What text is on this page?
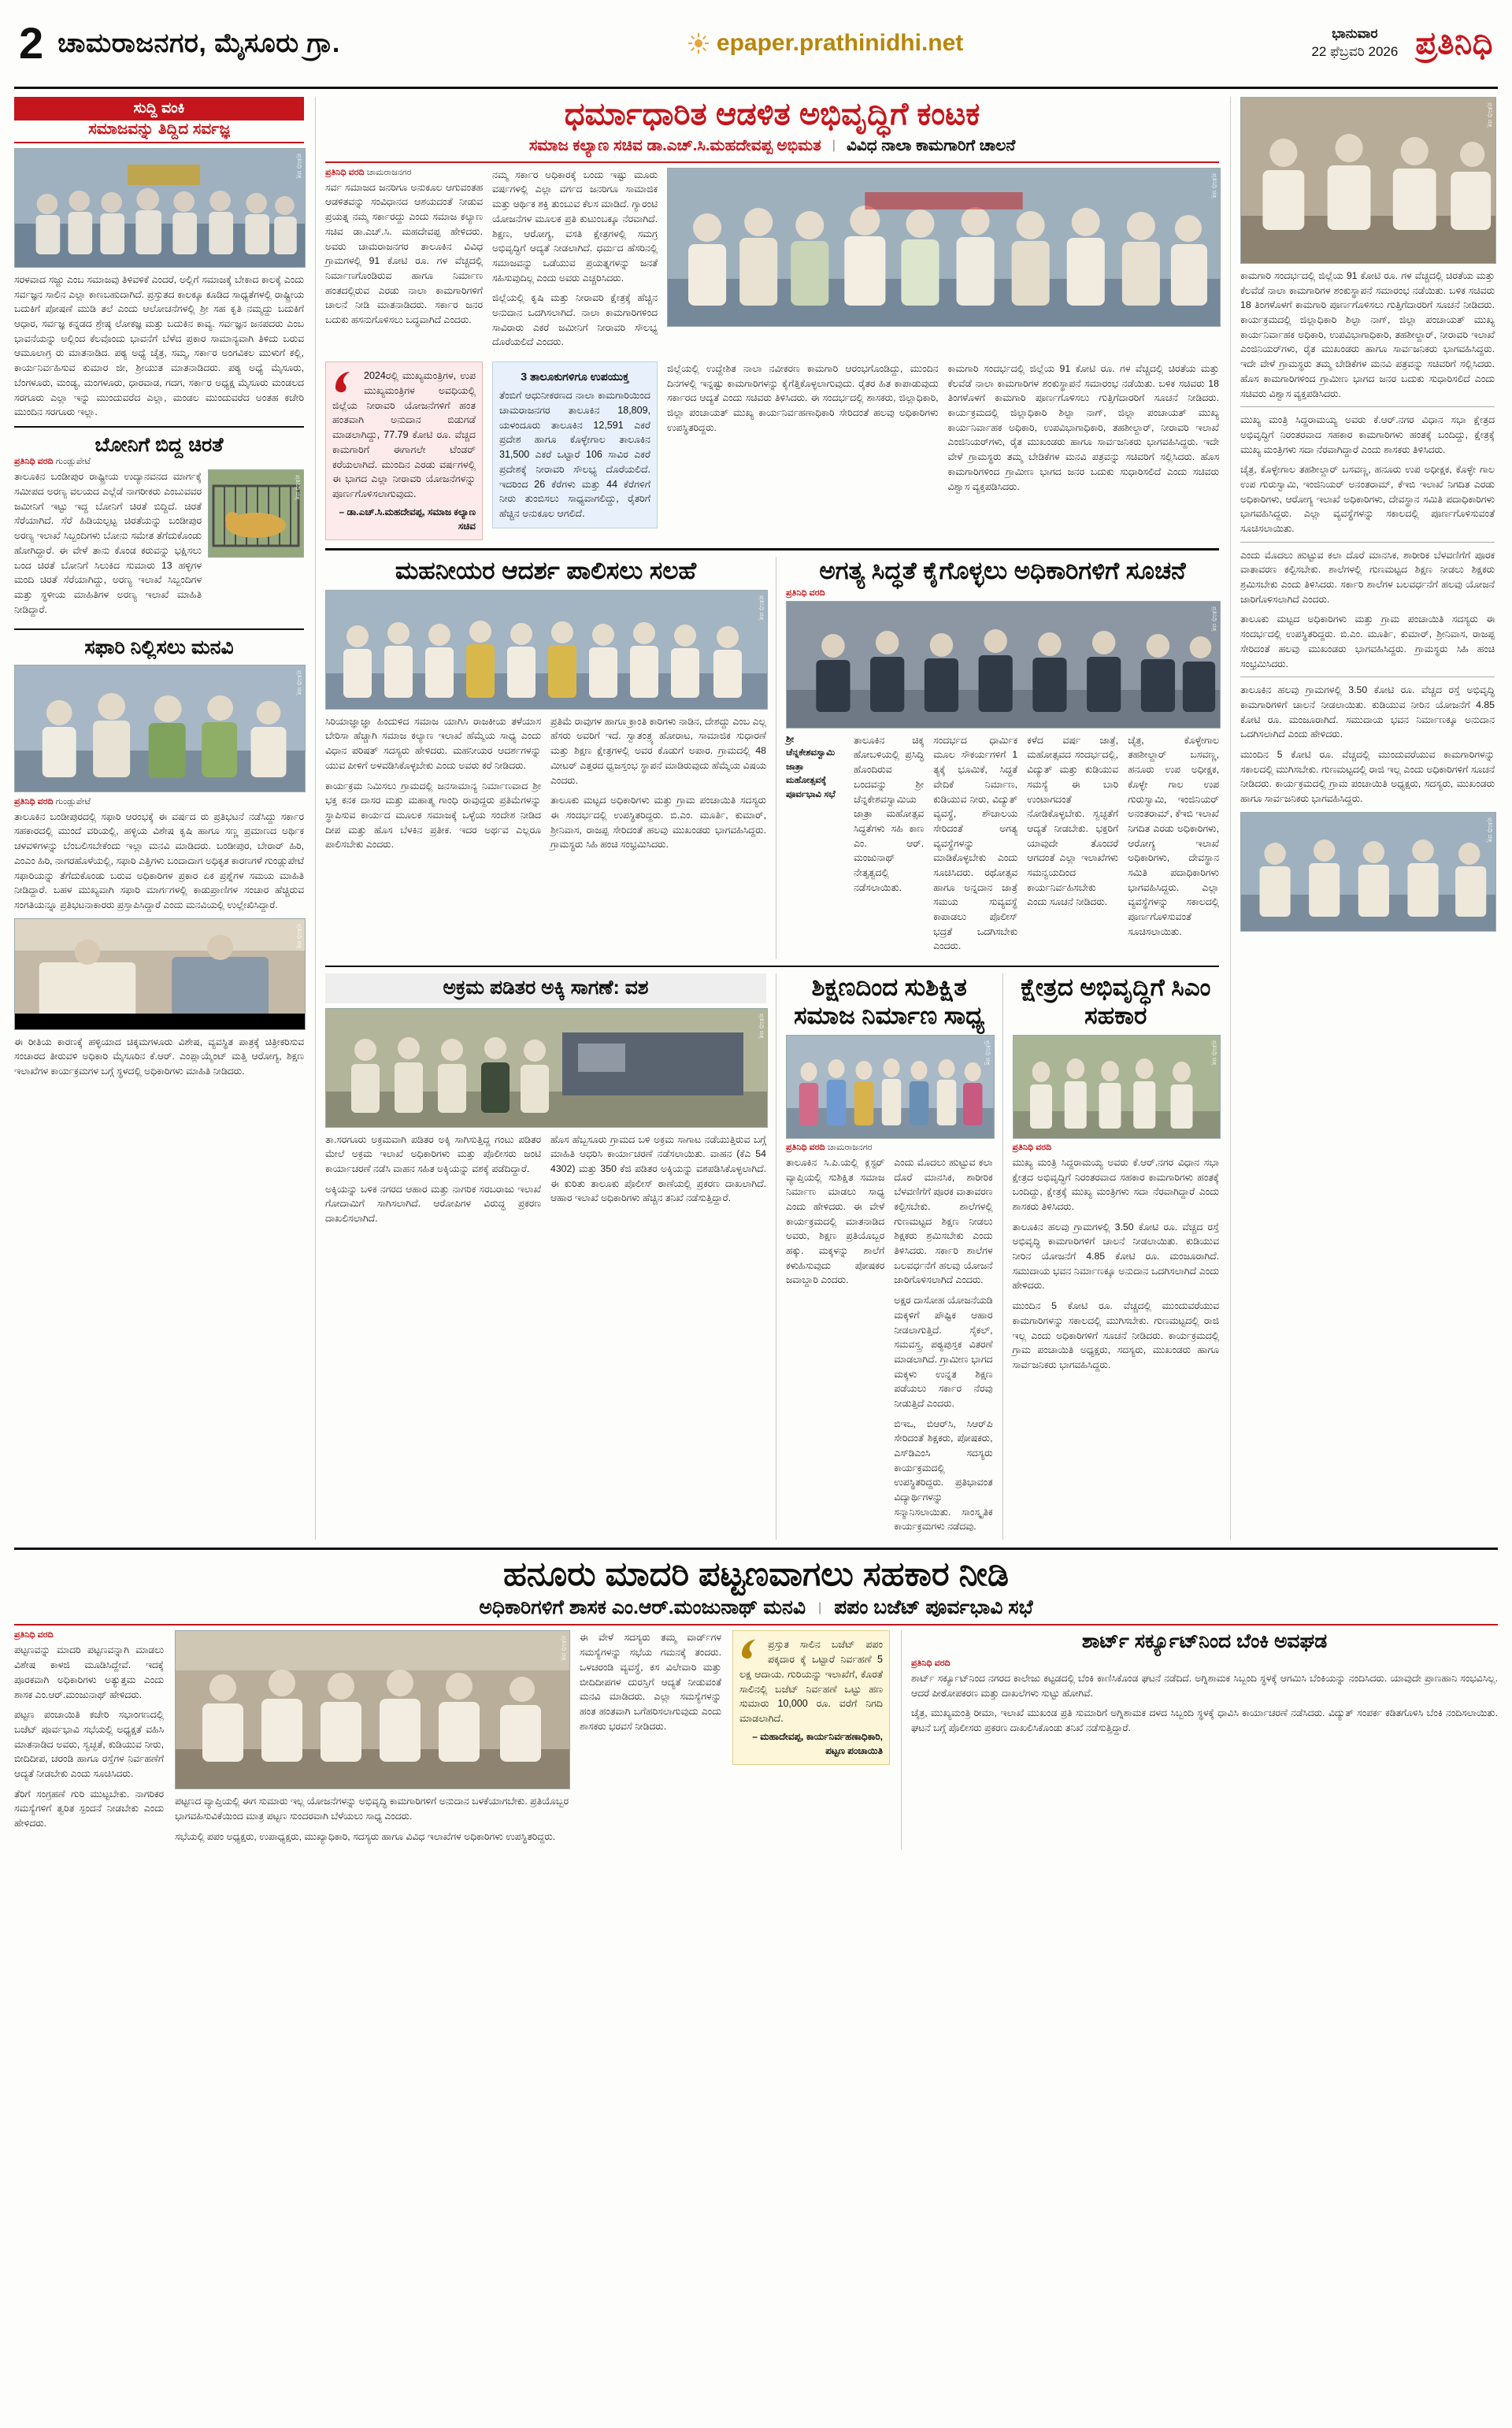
2 ಚಾಮರಾಜನಗರ, ಮೈಸೂರು ಗ್ರಾ.	epaper.prathinidhi.net	ಭಾನುವಾರ
22 ಫೆಬ್ರವರಿ 2026 ಪ್ರತಿನಿಧಿ
ಸುದ್ದಿ ವಂಕಿ
ಸಮಾಜವನ್ನು ತಿದ್ದಿದ ಸರ್ವಜ್ಞ
ಪ್ರತಿನಿಧಿ ಚಿತ್ರ

ಸರಳವಾದ ಸಜ್ಜು ಎಂಬ ಸಮಾಜವು ತಿಳಿವಳಿಕೆ ಎಂದರೆ, ಅಲ್ಲಿಗೆ ಸಮಾಜಕ್ಕೆ ಬೇಕಾದ ಕಾಲಕ್ಕೆ ಎಂದು ಸರ್ವಜ್ಞನ ಸಾಲಿನ ಎಲ್ಲಾ ಕಾಣಬಹುದಾಗಿದೆ. ಪ್ರಸ್ತುತದ ಕಾಲಕ್ಕೂ ಕೂಡಿದ ಸಾಧ್ಯತೆಗಳಲ್ಲಿ ರಾಷ್ಟ್ರೀಯ ಬದುಕಿಗೆ ಪೋಷಣೆ ಮುಡಿ ತಲೆ ಎಂದು ಆಲೋಚನೆಗಳಲ್ಲಿ ಶ್ರೀ ಸಹ ಕೃತಿ ನಮ್ಮದ್ದು ಬದುಕಿಗೆ ಆಧಾರ, ಸರ್ವಜ್ಞ ಕನ್ನಡದ ಶ್ರೇಷ್ಠ ಲೋಕಜ್ಞ ಮತ್ತು ಬದುಕಿನ ಕಾವ್ಯ. ಸರ್ವಜ್ಞನ ಜನಪದರು ಎಂಬ ಭಾವನೆಯನ್ನು ಅಲ್ಲಿಂದ ಕೆಲವೊಂದು ಭಾವನೆಗೆ ಬೆಳೆದ ಪ್ರಕಾರ ಸಾಮಾನ್ಯವಾಗಿ ತಿಳಿದು ಬರುವ ಆಮೂಲಾಗ್ರ ರು ಮಾತನಾಡಿದ. ಪಠ್ಯ ಅಧ್ಯೆ ಚೈತ್ರ, ಸಮ್ಮ, ಸರ್ಕಾರ ಅಂಗವಿಕಲ ಮುಳುಗೆ ಕಲ್ಲಿ, ಕಾರ್ಯನಿರ್ವಹಿಸುವ ಕುಮಾರ ಜೀ, ಶ್ರೀಯುತ ಮಾತನಾಡಿದರು. ಪಠ್ಯ ಅಧ್ಯೆ ಮೈಸೂರು, ಬೆಂಗಳೂರು, ಮಂಡ್ಯ, ಮಂಗಳೂರು, ಧಾರವಾಡ, ಗದಗ, ಸರ್ಕಾರ ಅಧ್ಯಕ್ಷ ಮೈಸೂರು ಮಂಡಲದ ಸರಗೂರು ಎಲ್ಲಾ ಇನ್ನು ಮುಂದುವರೆದ ಎಲ್ಲಾ, ಮಂಡಲ ಮುಂದುವರೆದ ಅಂತಹ ಕಚೇರಿ ಮುಂದಿನ ಸರಗೂರು ಇಲ್ಲಾ.

ಬೋನಿಗೆ ಬಿದ್ದ ಚಿರತೆ
ಪ್ರತಿನಿಧಿ ವರದಿ ಗುಂಡ್ಲುಪೇಟೆ

ತಾಲೂಕಿನ ಬಂಡೀಪುರ ರಾಷ್ಟ್ರೀಯ ಉದ್ಯಾನವನದ ಮಾರ್ಗಕ್ಕೆ ಸಮೀಪದ ಅರಣ್ಯ ವಲಯದ ಎಲ್ಲೆಡೆ ನಾಗರೀಕರು ಎಂಬುವವರ ಜಮೀನಿಗೆ ಇಟ್ಟು ಇದ್ದ ಬೋನಿಗೆ ಚಿರತೆ ಬಿದ್ದಿದೆ. ಚಿರತೆ ಸೆರೆಯಾಗಿದೆ. ಸೆರೆ ಹಿಡಿಯಲ್ಪಟ್ಟ ಚಿರತೆಯನ್ನು ಬಂಡೀಪುರ ಅರಣ್ಯ ಇಲಾಖೆ ಸಿಬ್ಬಂದಿಗಳು ಬೋನು ಸಮೇತ ತೆಗೆದುಕೊಂಡು ಹೋಗಿದ್ದಾರೆ. ಈ ವೇಳೆ ತಾನು ಕೊಂಡ ಕರುವನ್ನು ಭಕ್ಷಿಸಲು ಬಂದ ಚಿರತೆ ಬೋನಿಗೆ ಸಿಲುಕಿದ ಸುಮಾರು 13 ಹಳ್ಳಿಗಳ ಮಂದಿ ಚಿರತೆ ಸೆರೆಯಾಗಿದ್ದು, ಅರಣ್ಯ ಇಲಾಖೆ ಸಿಬ್ಬಂದಿಗಳ ಮತ್ತು ಸ್ಥಳೀಯ ಮಾಹಿತಿಗಳ ಅರಣ್ಯ ಇಲಾಖೆ ಮಾಹಿತಿ ನೀಡಿದ್ದಾರೆ.

ಪ್ರತಿನಿಧಿ ಚಿತ್ರ
ಸಫಾರಿ ನಿಲ್ಲಿಸಲು ಮನವಿ
ಪ್ರತಿನಿಧಿ ಚಿತ್ರ
ಪ್ರತಿನಿಧಿ ವರದಿ ಗುಂಡ್ಲುಪೇಟೆ

ತಾಲೂಕಿನ ಬಂಡೀಪುರದಲ್ಲಿ ಸಫಾರಿ ಆರಂಭಕ್ಕೆ ಈ ವರ್ಷದ ರು ಪ್ರತಿಭಟನೆ ನಡೆಸಿದ್ದು ಸರ್ಕಾರ ಸಹಕಾರದಲ್ಲಿ ಮುಂದೆ ವರಿಯಲ್ಲಿ, ಹಳ್ಳಿಯ ವಿಶೇಷ ಕೃಷಿ ಹಾಗೂ ಸಣ್ಣ ಪ್ರಮಾಣದ ಅರ್ಥಿಕ ಚಳವಳಿಗಳನ್ನು ಬೆಂಬಲಿಸಬೇಕೆಂದು ಇಲ್ಲಾ ಮನವಿ ಮಾಡಿದರು. ಬಂಡೀಪುರ, ಬೇರಾರ್ ಹಿರಿ, ಎಂಎಂ ಹಿರಿ, ನಾಗರಹೊಳೆಯಲ್ಲಿ, ಸಫಾರಿ ಎತ್ತಿಗಳು ಬಂದಾದಾಗ ಅಧಿಕೃತ ಕಾರಣಗಳೆ ಗುಂಡ್ಲುಪೇಟೆ ಸಫಾರಿಯನ್ನು ತೆಗೆದುಕೊಂಡು ಬರುವ ಅಧಿಕಾರಿಗಳ ಪ್ರಕಾರ ಏಕ ಪ್ರಶ್ನೆಗಳ ಸಮಯ ಮಾಹಿತಿ ನೀಡಿದ್ದಾರೆ. ಬಹಳ ಮುಖ್ಯವಾಗಿ ಸಫಾರಿ ಮಾರ್ಗಗಳಲ್ಲಿ ಕಾಡುಪ್ರಾಣಿಗಳ ಸಂಚಾರ ಹೆಚ್ಚಿರುವ ಸಂಗತಿಯನ್ನೂ ಪ್ರತಿಭಟನಾಕಾರರು ಪ್ರಸ್ತಾಪಿಸಿದ್ದಾರೆ ಎಂದು ಮನವಿಯಲ್ಲಿ ಉಲ್ಲೇಖಿಸಿದ್ದಾರೆ.

ಪ್ರತಿನಿಧಿ ಚಿತ್ರ

ಈ ರೀತಿಯ ಕಾರಣಕ್ಕೆ ಹಳ್ಳಿಯಾದ ಚಿಕ್ಕಮಗಳೂರು ವಿಶೇಷ, ವ್ಯವಸ್ಥಿತ ಪಾತ್ರಕ್ಕೆ ಚಿತ್ರೀಕರಿಸುವ ಸಂಚಾರದ ತೀರುವಳಿ ಅಧಿಕಾರಿ ಮೈಸೂರಿನ ಕೆ.ಆರ್. ಎಂಪ್ಲಾಯ್ಮೆಂಟ್ ಮತ್ತಿ ಆರೋಗ್ಯ, ಶಿಕ್ಷಣ ಇಲಾಖೆಗಳ ಕಾರ್ಯಕ್ರಮಗಳ ಬಗ್ಗೆ ಸ್ಥಳದಲ್ಲಿ ಅಧಿಕಾರಿಗಳು ಮಾಹಿತಿ ನೀಡಿದರು.

ಧರ್ಮಾಧಾರಿತ ಆಡಳಿತ ಅಭಿವೃದ್ಧಿಗೆ ಕಂಟಕ
ಸಮಾಜ ಕಲ್ಯಾಣ ಸಚಿವ ಡಾ.ಎಚ್.ಸಿ.ಮಹದೇವಪ್ಪ ಅಭಿಮತ | ವಿವಿಧ ನಾಲಾ ಕಾಮಗಾರಿಗೆ ಚಾಲನೆ
ಪ್ರತಿನಿಧಿ ವರದಿ ಚಾಮರಾಜನಗರ

ಸರ್ವ ಸಮಾಜದ ಜನರಿಗೂ ಅನುಕೂಲ ಆಗುವಂತಹ ಆಡಳಿತವನ್ನು ಸಂವಿಧಾನದ ಆಶಯದಂತೆ ನೀಡುವ ಪ್ರಯತ್ನ ನಮ್ಮ ಸರ್ಕಾರದ್ದು ಎಂದು ಸಮಾಜ ಕಲ್ಯಾಣ ಸಚಿವ ಡಾ.ಎಚ್.ಸಿ. ಮಹದೇವಪ್ಪ ಹೇಳಿದರು. ಅವರು ಚಾಮರಾಜನಗರ ತಾಲೂಕಿನ ವಿವಿಧ ಗ್ರಾಮಗಳಲ್ಲಿ 91 ಕೋಟಿ ರೂ. ಗಳ ವೆಚ್ಚದಲ್ಲಿ ನಿರ್ಮಾಣಗೊಂಡಿರುವ ಹಾಗೂ ನಿರ್ಮಾಣ ಹಂತದಲ್ಲಿರುವ ಎರಡು ನಾಲಾ ಕಾಮಗಾರಿಗಳಿಗೆ ಚಾಲನೆ ನೀಡಿ ಮಾತನಾಡಿದರು. ಸರ್ಕಾರ ಜನರ ಬದುಕು ಹಸನುಗೊಳಿಸಲು ಬದ್ಧವಾಗಿದೆ ಎಂದರು.

ನಮ್ಮ ಸರ್ಕಾರ ಅಧಿಕಾರಕ್ಕೆ ಬಂದು ಇಷ್ಟು ಮೂರು ವರ್ಷಗಳಲ್ಲಿ ಎಲ್ಲಾ ವರ್ಗದ ಜನರಿಗೂ ಸಾಮಾಜಿಕ ಮತ್ತು ಆರ್ಥಿಕ ಶಕ್ತಿ ತುಂಬುವ ಕೆಲಸ ಮಾಡಿದೆ. ಗ್ಯಾರಂಟಿ ಯೋಜನೆಗಳ ಮೂಲಕ ಪ್ರತಿ ಕುಟುಂಬಕ್ಕೂ ನೆರವಾಗಿದೆ. ಶಿಕ್ಷಣ, ಆರೋಗ್ಯ, ವಸತಿ ಕ್ಷೇತ್ರಗಳಲ್ಲಿ ಸಮಗ್ರ ಅಭಿವೃದ್ಧಿಗೆ ಆದ್ಯತೆ ನೀಡಲಾಗಿದೆ. ಧರ್ಮದ ಹೆಸರಿನಲ್ಲಿ ಸಮಾಜವನ್ನು ಒಡೆಯುವ ಪ್ರಯತ್ನಗಳನ್ನು ಜನತೆ ಸಹಿಸುವುದಿಲ್ಲ ಎಂದು ಅವರು ಎಚ್ಚರಿಸಿದರು.

ಜಿಲ್ಲೆಯಲ್ಲಿ ಕೃಷಿ ಮತ್ತು ನೀರಾವರಿ ಕ್ಷೇತ್ರಕ್ಕೆ ಹೆಚ್ಚಿನ ಅನುದಾನ ಒದಗಿಸಲಾಗಿದೆ. ನಾಲಾ ಕಾಮಗಾರಿಗಳಿಂದ ಸಾವಿರಾರು ಎಕರೆ ಜಮೀನಿಗೆ ನೀರಾವರಿ ಸೌಲಭ್ಯ ದೊರೆಯಲಿದೆ ಎಂದರು.

ಪ್ರತಿನಿಧಿ ಚಿತ್ರ
2024ರಲ್ಲಿ ಮುಖ್ಯಮಂತ್ರಿಗಳ, ಉಪ ಮುಖ್ಯಮಂತ್ರಿಗಳ ಅವಧಿಯಲ್ಲಿ ಜಿಲ್ಲೆಯ ನೀರಾವರಿ ಯೋಜನೆಗಳಿಗೆ ಹಂತ ಹಂತವಾಗಿ ಅನುದಾನ ಬಿಡುಗಡೆ ಮಾಡಲಾಗಿದ್ದು, 77.79 ಕೋಟಿ ರೂ. ವೆಚ್ಚದ ಕಾಮಗಾರಿಗೆ ಈಗಾಗಲೇ ಟೆಂಡರ್ ಕರೆಯಲಾಗಿದೆ. ಮುಂದಿನ ಎರಡು ವರ್ಷಗಳಲ್ಲಿ ಈ ಭಾಗದ ಎಲ್ಲಾ ನೀರಾವರಿ ಯೋಜನೆಗಳನ್ನು ಪೂರ್ಣಗೊಳಿಸಲಾಗುವುದು.
– ಡಾ.ಎಚ್.ಸಿ.ಮಹದೇವಪ್ಪ, ಸಮಾಜ ಕಲ್ಯಾಣ ಸಚಿವ
3 ತಾಲೂಕುಗಳಿಗೂ ಉಪಯುಕ್ತ
ತೆಂಬಿಗೆ ಆಧುನೀಕರಣದ ನಾಲಾ ಕಾಮಗಾರಿಯಿಂದ ಚಾಮರಾಜನಗರ ತಾಲೂಕಿನ 18,809, ಯಳಂದೂರು ತಾಲೂಕಿನ 12,591 ಎಕರೆ ಪ್ರದೇಶ ಹಾಗೂ ಕೊಳ್ಳೇಗಾಲ ತಾಲೂಕಿನ 31,500 ಎಕರೆ ಒಟ್ಟಾರೆ 106 ಸಾವಿರ ಎಕರೆ ಪ್ರದೇಶಕ್ಕೆ ನೀರಾವರಿ ಸೌಲಭ್ಯ ದೊರೆಯಲಿದೆ. ಇದರಿಂದ 26 ಕೆರೆಗಳು ಮತ್ತು 44 ಕೆರೆಗಳಿಗೆ ನೀರು ತುಂಬಿಸಲು ಸಾಧ್ಯವಾಗಲಿದ್ದು, ರೈತರಿಗೆ ಹೆಚ್ಚಿನ ಅನುಕೂಲ ಆಗಲಿದೆ.

ಜಿಲ್ಲೆಯಲ್ಲಿ ಉದ್ದೇಶಿತ ನಾಲಾ ನವೀಕರಣ ಕಾಮಗಾರಿ ಆರಂಭಗೊಂಡಿದ್ದು, ಮುಂದಿನ ದಿನಗಳಲ್ಲಿ ಇನ್ನಷ್ಟು ಕಾಮಗಾರಿಗಳನ್ನು ಕೈಗೆತ್ತಿಕೊಳ್ಳಲಾಗುವುದು. ರೈತರ ಹಿತ ಕಾಪಾಡುವುದು ಸರ್ಕಾರದ ಆದ್ಯತೆ ಎಂದು ಸಚಿವರು ತಿಳಿಸಿದರು. ಈ ಸಂದರ್ಭದಲ್ಲಿ ಶಾಸಕರು, ಜಿಲ್ಲಾಧಿಕಾರಿ, ಜಿಲ್ಲಾ ಪಂಚಾಯತ್ ಮುಖ್ಯ ಕಾರ್ಯನಿರ್ವಹಣಾಧಿಕಾರಿ ಸೇರಿದಂತೆ ಹಲವು ಅಧಿಕಾರಿಗಳು ಉಪಸ್ಥಿತರಿದ್ದರು.

ಕಾಮಗಾರಿ ಸಂದರ್ಭದಲ್ಲಿ ಜಿಲ್ಲೆಯ 91 ಕೋಟಿ ರೂ. ಗಳ ವೆಚ್ಚದಲ್ಲಿ ಚಿರತೆಯ ಮತ್ತು ಕೆಲವೆಡೆ ನಾಲಾ ಕಾಮಗಾರಿಗಳ ಶಂಕುಸ್ಥಾಪನೆ ಸಮಾರಂಭ ನಡೆಯಿತು. ಬಳಿಕ ಸಚಿವರು 18 ತಿಂಗಳೊಳಗೆ ಕಾಮಗಾರಿ ಪೂರ್ಣಗೊಳಿಸಲು ಗುತ್ತಿಗೆದಾರರಿಗೆ ಸೂಚನೆ ನೀಡಿದರು. ಕಾರ್ಯಕ್ರಮದಲ್ಲಿ ಜಿಲ್ಲಾಧಿಕಾರಿ ಶಿಲ್ಪಾ ನಾಗ್, ಜಿಲ್ಲಾ ಪಂಚಾಯತ್ ಮುಖ್ಯ ಕಾರ್ಯನಿರ್ವಾಹಕ ಅಧಿಕಾರಿ, ಉಪವಿಭಾಗಾಧಿಕಾರಿ, ತಹಶೀಲ್ದಾರ್, ನೀರಾವರಿ ಇಲಾಖೆ ಎಂಜಿನಿಯರ್‌ಗಳು, ರೈತ ಮುಖಂಡರು ಹಾಗೂ ಸಾರ್ವಜನಿಕರು ಭಾಗವಹಿಸಿದ್ದರು. ಇದೇ ವೇಳೆ ಗ್ರಾಮಸ್ಥರು ತಮ್ಮ ಬೇಡಿಕೆಗಳ ಮನವಿ ಪತ್ರವನ್ನು ಸಚಿವರಿಗೆ ಸಲ್ಲಿಸಿದರು. ಹೊಸ ಕಾಮಗಾರಿಗಳಿಂದ ಗ್ರಾಮೀಣ ಭಾಗದ ಜನರ ಬದುಕು ಸುಧಾರಿಸಲಿದೆ ಎಂದು ಸಚಿವರು ವಿಶ್ವಾಸ ವ್ಯಕ್ತಪಡಿಸಿದರು.

ಮಹನೀಯರ ಆದರ್ಶ ಪಾಲಿಸಲು ಸಲಹೆ
ಪ್ರತಿನಿಧಿ ಚಿತ್ರ

ಸಿರಿಯಾಜ್ಞಾಜ್ಞಾ ಹಿಂದುಳಿದ ಸಮಾಜ ಯಾಗಿಸಿ ರಾಜಕೀಯ ತಳೆಯಾಸ ಬೇರಿಸಾ ಹೆಚ್ಚಾಗಿ ಸಮಾಜ ಕಲ್ಯಾಣ ಇಲಾಖೆ ಹೆಮ್ಮೆಯ ಸಾಧ್ಯ ಎಂದು ವಿಧಾನ ಪರಿಷತ್ ಸದಸ್ಯರು ಹೇಳಿದರು. ಮಹನೀಯರ ಆದರ್ಶಗಳನ್ನು ಯುವ ಪೀಳಿಗೆ ಅಳವಡಿಸಿಕೊಳ್ಳಬೇಕು ಎಂದು ಅವರು ಕರೆ ನೀಡಿದರು.

ಕಾರ್ಯಕ್ರಮ ನಿಮಿಸಲು ಗ್ರಾಮದಲ್ಲಿ ಜನಸಾಮಾನ್ಯ ನಿರ್ಮಾಣವಾದ ಶ್ರೀ ಭಕ್ತ ಕನಕ ದಾಸರ ಮತ್ತು ಮಹಾತ್ಮ ಗಾಂಧಿ ರಾವುದ್ದರು ಪ್ರತಿಮೆಗಳನ್ನು ಸ್ಥಾಪಿಸುವ ಕಾರ್ಯದ ಮೂಲಕ ಸಮಾಜಕ್ಕೆ ಒಳ್ಳೆಯ ಸಂದೇಶ ನೀಡಿದ ದೀಪ ಮತ್ತು ಹೊಸ ಬೆಳಕಿನ ಪ್ರತೀಕ. ಇದರ ಅರ್ಥವ ಎಲ್ಲರೂ ಪಾಲಿಸಬೇಕು ಎಂದರು.

ಪ್ರತಿಮೆ ರಾವುಗಳ ಹಾಗೂ ಕ್ರಾಂತಿ ಕಾರಿಗಳು ನಾಡಿನ, ದೇಶದ್ದು ಎಂಬ ಎಲ್ಲ ಹೆಸರು ಅವರಿಗೆ ಇದೆ. ಸ್ವಾತಂತ್ರ್ಯ ಹೋರಾಟ, ಸಾಮಾಜಿಕ ಸುಧಾರಣೆ ಮತ್ತು ಶಿಕ್ಷಣ ಕ್ಷೇತ್ರಗಳಲ್ಲಿ ಅವರ ಕೊಡುಗೆ ಅಪಾರ. ಗ್ರಾಮದಲ್ಲಿ 48 ಮೀಟರ್ ಎತ್ತರದ ಧ್ವಜಸ್ತಂಭ ಸ್ಥಾಪನೆ ಮಾಡಿರುವುದು ಹೆಮ್ಮೆಯ ವಿಷಯ ಎಂದರು.

ತಾಲೂಕು ಮಟ್ಟದ ಅಧಿಕಾರಿಗಳು ಮತ್ತು ಗ್ರಾಮ ಪಂಚಾಯಿತಿ ಸದಸ್ಯರು ಈ ಸಂದರ್ಭದಲ್ಲಿ ಉಪಸ್ಥಿತರಿದ್ದರು. ಬಿ.ಎಂ. ಮೂರ್ತಿ, ಕುಮಾರ್, ಶ್ರೀನಿವಾಸ, ರಾಜಪ್ಪ ಸೇರಿದಂತೆ ಹಲವು ಮುಖಂಡರು ಭಾಗವಹಿಸಿದ್ದರು. ಗ್ರಾಮಸ್ಥರು ಸಿಹಿ ಹಂಚಿ ಸಂಭ್ರಮಿಸಿದರು.

ಅಗತ್ಯ ಸಿದ್ಧತೆ ಕೈಗೊಳ್ಳಲು ಅಧಿಕಾರಿಗಳಿಗೆ ಸೂಚನೆ
ಪ್ರತಿನಿಧಿ ವರದಿ
ಪ್ರತಿನಿಧಿ ಚಿತ್ರ

ಶ್ರೀ ಚೆನ್ನಕೇಶವಸ್ವಾಮಿ ಜಾತ್ರಾ ಮಹೋತ್ಸವಕ್ಕೆ ಪೂರ್ವಭಾವಿ ಸಭೆ

ತಾಲೂಕಿನ ಚಿಕ್ಕ ಹೋಬಳಿಯಲ್ಲಿ ಪ್ರಸಿದ್ಧಿ ಹೊಂದಿರುವ ಬಂದವನ್ನು ಶ್ರೀ ಚೆನ್ನಕೇಶವಸ್ವಾಮಿಯ ಜಾತ್ರಾ ಮಹೋತ್ಸವ ಸಿದ್ಧತೆಗಳು ಸಹಿ ಕಾಣ ಎಂ. ಆರ್. ಮಂಜುನಾಥ್ ನೇತೃತ್ವದಲ್ಲಿ ನಡೆಸಲಾಯಿತು.

ಸಂದರ್ಭದ ಧಾರ್ಮಿಕ ಮೂಲ ಸೌಕರ್ಯಗಳಿಗೆ 1 ತ್ಯಕ್ಕೆ ಭೂಮಿಕೆ, ಸಿದ್ಧತೆ ವೇದಿಕೆ ನಿರ್ಮಾಣ, ಕುಡಿಯುವ ನೀರು, ವಿದ್ಯುತ್ ವ್ಯವಸ್ಥೆ, ಶೌಚಾಲಯ ಸೇರಿದಂತೆ ಅಗತ್ಯ ವ್ಯವಸ್ಥೆಗಳನ್ನು ಮಾಡಿಕೊಳ್ಳಬೇಕು ಎಂದು ಸೂಚಿಸಿದರು. ರಥೋತ್ಸವ ಹಾಗೂ ಅನ್ನದಾನ ಜಾತ್ರೆ ಸಮಯ ಸುವ್ಯವಸ್ಥೆ ಕಾಪಾಡಲು ಪೊಲೀಸ್ ಭದ್ರತೆ ಒದಗಿಸಬೇಕು ಎಂದರು.

ಕಳೆದ ವರ್ಷ ಜಾತ್ರೆ, ಮಹೋತ್ಸವದ ಸಂದರ್ಭದಲ್ಲಿ, ವಿದ್ಯುತ್ ಮತ್ತು ಕುಡಿಯುವ ಸಮಸ್ಯೆ ಈ ಬಾರಿ ಉಂಟಾಗದಂತೆ ನೋಡಿಕೊಳ್ಳಬೇಕು. ಸ್ವಚ್ಛತೆಗೆ ಆದ್ಯತೆ ನೀಡಬೇಕು. ಭಕ್ತರಿಗೆ ಯಾವುದೇ ತೊಂದರೆ ಆಗದಂತೆ ಎಲ್ಲಾ ಇಲಾಖೆಗಳು ಸಮನ್ವಯದಿಂದ ಕಾರ್ಯನಿರ್ವಹಿಸಬೇಕು ಎಂದು ಸೂಚನೆ ನೀಡಿದರು.

ಚೈತ್ರ, ಕೊಳ್ಳೇಗಾಲ ತಹಶೀಲ್ದಾರ್ ಬಸವಣ್ಣ, ಹನೂರು ಉಪ ಅಧೀಕ್ಷಕ, ಕೊಳ್ಳೇ ಗಾಲ ಉಪ ಗುರುಸ್ವಾಮಿ, ಇಂಜಿನಿಯರ್ ಅನಂತರಾಮ್, ಕೆಇಬಿ ಇಲಾಖೆ ನಿಗದಿತ ಎರಡು ಅಧಿಕಾರಿಗಳು, ಆರೋಗ್ಯ ಇಲಾಖೆ ಅಧಿಕಾರಿಗಳು, ದೇವಸ್ಥಾನ ಸಮಿತಿ ಪದಾಧಿಕಾರಿಗಳು ಭಾಗವಹಿಸಿದ್ದರು. ಎಲ್ಲಾ ವ್ಯವಸ್ಥೆಗಳನ್ನು ಸಕಾಲದಲ್ಲಿ ಪೂರ್ಣಗೊಳಿಸುವಂತೆ ಸೂಚಿಸಲಾಯಿತು.

ಅಕ್ರಮ ಪಡಿತರ ಅಕ್ಕಿ ಸಾಗಣೆ: ವಶ
ಪ್ರತಿನಿಧಿ ಚಿತ್ರ

ತಾ.ಸರಗೂರು ಅಕ್ರಮವಾಗಿ ಪಡಿತರ ಅಕ್ಕಿ ಸಾಗಿಸುತ್ತಿದ್ದ ಗಂಟು ಪಡಿತರ ಮೇಲೆ ಅಕ್ರಮ ಇಲಾಖೆ ಅಧಿಕಾರಿಗಳು ಮತ್ತು ಪೊಲೀಸರು ಜಂಟಿ ಕಾರ್ಯಾಚರಣೆ ನಡೆಸಿ ವಾಹನ ಸಹಿತ ಅಕ್ಕಿಯನ್ನು ವಶಕ್ಕೆ ಪಡೆದಿದ್ದಾರೆ.

ಅಕ್ಕಿಯನ್ನು ಬಳಿಕ ನಗರದ ಆಹಾರ ಮತ್ತು ನಾಗರಿಕ ಸರಬರಾಜು ಇಲಾಖೆ ಗೋದಾಮಿಗೆ ಸಾಗಿಸಲಾಗಿದೆ. ಆರೋಪಿಗಳ ವಿರುದ್ಧ ಪ್ರಕರಣ ದಾಖಲಿಸಲಾಗಿದೆ.

ಹೊಸ ಹೆಬ್ಬಸೂರು ಗ್ರಾಮದ ಬಳಿ ಅಕ್ರಮ ಸಾಗಾಟ ನಡೆಯುತ್ತಿರುವ ಬಗ್ಗೆ ಮಾಹಿತಿ ಆಧರಿಸಿ ಕಾರ್ಯಾಚರಣೆ ನಡೆಸಲಾಯಿತು. ವಾಹನ (ಕೆಎ 54 4302) ಮತ್ತು 350 ಕೆಜಿ ಪಡಿತರ ಅಕ್ಕಿಯನ್ನು ವಶಪಡಿಸಿಕೊಳ್ಳಲಾಗಿದೆ. ಈ ಕುರಿತು ತಾಲೂಕು ಪೊಲೀಸ್ ಠಾಣೆಯಲ್ಲಿ ಪ್ರಕರಣ ದಾಖಲಾಗಿದೆ. ಆಹಾರ ಇಲಾಖೆ ಅಧಿಕಾರಿಗಳು ಹೆಚ್ಚಿನ ತನಿಖೆ ನಡೆಸುತ್ತಿದ್ದಾರೆ.

ಶಿಕ್ಷಣದಿಂದ ಸುಶಿಕ್ಷಿತ ಸಮಾಜ ನಿರ್ಮಾಣ ಸಾಧ್ಯ
ಪ್ರತಿನಿಧಿ ಚಿತ್ರ
ಪ್ರತಿನಿಧಿ ವರದಿ ಚಾಮರಾಜನಗರ

ತಾಲೂಕಿನ ಸಿ.ಪಿ.ಯಲ್ಲಿ ಕ್ಲಸ್ಟರ್ ವ್ಯಾಪ್ತಿಯಲ್ಲಿ ಸುಶಿಕ್ಷಿತ ಸಮಾಜ ನಿರ್ಮಾಣ ಮಾಡಲು ಸಾಧ್ಯ ಎಂದು ಹೇಳಿದರು. ಈ ವೇಳೆ ಕಾರ್ಯಕ್ರಮದಲ್ಲಿ ಮಾತನಾಡಿದ ಅವರು, ಶಿಕ್ಷಣ ಪ್ರತಿಯೊಬ್ಬರ ಹಕ್ಕು. ಮಕ್ಕಳನ್ನು ಶಾಲೆಗೆ ಕಳುಹಿಸುವುದು ಪೋಷಕರ ಜವಾಬ್ದಾರಿ ಎಂದರು.

ಎಂದು ಮೊದಲು ಹುಟ್ಟುವ ಕಲಾ ದೊರೆ ಮಾನಸಿಕ, ಶಾರೀರಿಕ ಬೆಳವಣಿಗೆಗೆ ಪೂರಕ ವಾತಾವರಣ ಕಲ್ಪಿಸಬೇಕು. ಶಾಲೆಗಳಲ್ಲಿ ಗುಣಮಟ್ಟದ ಶಿಕ್ಷಣ ನೀಡಲು ಶಿಕ್ಷಕರು ಶ್ರಮಿಸಬೇಕು ಎಂದು ತಿಳಿಸಿದರು. ಸರ್ಕಾರಿ ಶಾಲೆಗಳ ಬಲವರ್ಧನೆಗೆ ಹಲವು ಯೋಜನೆ ಜಾರಿಗೊಳಿಸಲಾಗಿದೆ ಎಂದರು.

ಅಕ್ಷರ ದಾಸೋಹ ಯೋಜನೆಯಡಿ ಮಕ್ಕಳಿಗೆ ಪೌಷ್ಟಿಕ ಆಹಾರ ನೀಡಲಾಗುತ್ತಿದೆ. ಸೈಕಲ್, ಸಮವಸ್ತ್ರ, ಪಠ್ಯಪುಸ್ತಕ ವಿತರಣೆ ಮಾಡಲಾಗಿದೆ. ಗ್ರಾಮೀಣ ಭಾಗದ ಮಕ್ಕಳು ಉನ್ನತ ಶಿಕ್ಷಣ ಪಡೆಯಲು ಸರ್ಕಾರ ನೆರವು ನೀಡುತ್ತಿದೆ ಎಂದರು.

ಬಿಇಒ, ಬಿಆರ್‌ಸಿ, ಸಿಆರ್‌ಪಿ ಸೇರಿದಂತೆ ಶಿಕ್ಷಕರು, ಪೋಷಕರು, ಎಸ್‌ಡಿಎಂಸಿ ಸದಸ್ಯರು ಕಾರ್ಯಕ್ರಮದಲ್ಲಿ ಉಪಸ್ಥಿತರಿದ್ದರು. ಪ್ರತಿಭಾವಂತ ವಿದ್ಯಾರ್ಥಿಗಳನ್ನು ಸನ್ಮಾನಿಸಲಾಯಿತು. ಸಾಂಸ್ಕೃತಿಕ ಕಾರ್ಯಕ್ರಮಗಳು ನಡೆದವು.

ಕ್ಷೇತ್ರದ ಅಭಿವೃದ್ಧಿಗೆ ಸಿಎಂ ಸಹಕಾರ
ಪ್ರತಿನಿಧಿ ಚಿತ್ರ
ಪ್ರತಿನಿಧಿ ವರದಿ

ಮುಖ್ಯ ಮಂತ್ರಿ ಸಿದ್ದರಾಮಯ್ಯ ಅವರು ಕೆ.ಆರ್.ನಗರ ವಿಧಾನ ಸಭಾ ಕ್ಷೇತ್ರದ ಅಭಿವೃದ್ಧಿಗೆ ನಿರಂತರವಾದ ಸಹಕಾರ ಕಾಮಗಾರಿಗಳು ಹಂತಕ್ಕೆ ಬಂದಿದ್ದು, ಕ್ಷೇತ್ರಕ್ಕೆ ಮುಖ್ಯ ಮಂತ್ರಿಗಳು ಸದಾ ನೆರವಾಗಿದ್ದಾರೆ ಎಂದು ಶಾಸಕರು ತಿಳಿಸಿದರು.

ತಾಲೂಕಿನ ಹಲವು ಗ್ರಾಮಗಳಲ್ಲಿ 3.50 ಕೋಟಿ ರೂ. ವೆಚ್ಚದ ರಸ್ತೆ ಅಭಿವೃದ್ಧಿ ಕಾಮಗಾರಿಗಳಿಗೆ ಚಾಲನೆ ನೀಡಲಾಯಿತು. ಕುಡಿಯುವ ನೀರಿನ ಯೋಜನೆಗೆ 4.85 ಕೋಟಿ ರೂ. ಮಂಜೂರಾಗಿದೆ. ಸಮುದಾಯ ಭವನ ನಿರ್ಮಾಣಕ್ಕೂ ಅನುದಾನ ಒದಗಿಸಲಾಗಿದೆ ಎಂದು ಹೇಳಿದರು.

ಮುಂದಿನ 5 ಕೋಟಿ ರೂ. ವೆಚ್ಚದಲ್ಲಿ ಮುಂದುವರೆಯುವ ಕಾಮಗಾರಿಗಳನ್ನು ಸಕಾಲದಲ್ಲಿ ಮುಗಿಸಬೇಕು. ಗುಣಮಟ್ಟದಲ್ಲಿ ರಾಜಿ ಇಲ್ಲ ಎಂದು ಅಧಿಕಾರಿಗಳಿಗೆ ಸೂಚನೆ ನೀಡಿದರು. ಕಾರ್ಯಕ್ರಮದಲ್ಲಿ ಗ್ರಾಮ ಪಂಚಾಯಿತಿ ಅಧ್ಯಕ್ಷರು, ಸದಸ್ಯರು, ಮುಖಂಡರು ಹಾಗೂ ಸಾರ್ವಜನಿಕರು ಭಾಗವಹಿಸಿದ್ದರು.

ಪ್ರತಿನಿಧಿ ಚಿತ್ರ

ಕಾಮಗಾರಿ ಸಂದರ್ಭದಲ್ಲಿ ಜಿಲ್ಲೆಯ 91 ಕೋಟಿ ರೂ. ಗಳ ವೆಚ್ಚದಲ್ಲಿ ಚಿರತೆಯ ಮತ್ತು ಕೆಲವೆಡೆ ನಾಲಾ ಕಾಮಗಾರಿಗಳ ಶಂಕುಸ್ಥಾಪನೆ ಸಮಾರಂಭ ನಡೆಯಿತು. ಬಳಿಕ ಸಚಿವರು 18 ತಿಂಗಳೊಳಗೆ ಕಾಮಗಾರಿ ಪೂರ್ಣಗೊಳಿಸಲು ಗುತ್ತಿಗೆದಾರರಿಗೆ ಸೂಚನೆ ನೀಡಿದರು. ಕಾರ್ಯಕ್ರಮದಲ್ಲಿ ಜಿಲ್ಲಾಧಿಕಾರಿ ಶಿಲ್ಪಾ ನಾಗ್, ಜಿಲ್ಲಾ ಪಂಚಾಯತ್ ಮುಖ್ಯ ಕಾರ್ಯನಿರ್ವಾಹಕ ಅಧಿಕಾರಿ, ಉಪವಿಭಾಗಾಧಿಕಾರಿ, ತಹಶೀಲ್ದಾರ್, ನೀರಾವರಿ ಇಲಾಖೆ ಎಂಜಿನಿಯರ್‌ಗಳು, ರೈತ ಮುಖಂಡರು ಹಾಗೂ ಸಾರ್ವಜನಿಕರು ಭಾಗವಹಿಸಿದ್ದರು. ಇದೇ ವೇಳೆ ಗ್ರಾಮಸ್ಥರು ತಮ್ಮ ಬೇಡಿಕೆಗಳ ಮನವಿ ಪತ್ರವನ್ನು ಸಚಿವರಿಗೆ ಸಲ್ಲಿಸಿದರು. ಹೊಸ ಕಾಮಗಾರಿಗಳಿಂದ ಗ್ರಾಮೀಣ ಭಾಗದ ಜನರ ಬದುಕು ಸುಧಾರಿಸಲಿದೆ ಎಂದು ಸಚಿವರು ವಿಶ್ವಾಸ ವ್ಯಕ್ತಪಡಿಸಿದರು.

ಮುಖ್ಯ ಮಂತ್ರಿ ಸಿದ್ದರಾಮಯ್ಯ ಅವರು ಕೆ.ಆರ್.ನಗರ ವಿಧಾನ ಸಭಾ ಕ್ಷೇತ್ರದ ಅಭಿವೃದ್ಧಿಗೆ ನಿರಂತರವಾದ ಸಹಕಾರ ಕಾಮಗಾರಿಗಳು ಹಂತಕ್ಕೆ ಬಂದಿದ್ದು, ಕ್ಷೇತ್ರಕ್ಕೆ ಮುಖ್ಯ ಮಂತ್ರಿಗಳು ಸದಾ ನೆರವಾಗಿದ್ದಾರೆ ಎಂದು ಶಾಸಕರು ತಿಳಿಸಿದರು.

ಚೈತ್ರ, ಕೊಳ್ಳೇಗಾಲ ತಹಶೀಲ್ದಾರ್ ಬಸವಣ್ಣ, ಹನೂರು ಉಪ ಅಧೀಕ್ಷಕ, ಕೊಳ್ಳೇ ಗಾಲ ಉಪ ಗುರುಸ್ವಾಮಿ, ಇಂಜಿನಿಯರ್ ಅನಂತರಾಮ್, ಕೆಇಬಿ ಇಲಾಖೆ ನಿಗದಿತ ಎರಡು ಅಧಿಕಾರಿಗಳು, ಆರೋಗ್ಯ ಇಲಾಖೆ ಅಧಿಕಾರಿಗಳು, ದೇವಸ್ಥಾನ ಸಮಿತಿ ಪದಾಧಿಕಾರಿಗಳು ಭಾಗವಹಿಸಿದ್ದರು. ಎಲ್ಲಾ ವ್ಯವಸ್ಥೆಗಳನ್ನು ಸಕಾಲದಲ್ಲಿ ಪೂರ್ಣಗೊಳಿಸುವಂತೆ ಸೂಚಿಸಲಾಯಿತು.

ಎಂದು ಮೊದಲು ಹುಟ್ಟುವ ಕಲಾ ದೊರೆ ಮಾನಸಿಕ, ಶಾರೀರಿಕ ಬೆಳವಣಿಗೆಗೆ ಪೂರಕ ವಾತಾವರಣ ಕಲ್ಪಿಸಬೇಕು. ಶಾಲೆಗಳಲ್ಲಿ ಗುಣಮಟ್ಟದ ಶಿಕ್ಷಣ ನೀಡಲು ಶಿಕ್ಷಕರು ಶ್ರಮಿಸಬೇಕು ಎಂದು ತಿಳಿಸಿದರು. ಸರ್ಕಾರಿ ಶಾಲೆಗಳ ಬಲವರ್ಧನೆಗೆ ಹಲವು ಯೋಜನೆ ಜಾರಿಗೊಳಿಸಲಾಗಿದೆ ಎಂದರು.

ತಾಲೂಕು ಮಟ್ಟದ ಅಧಿಕಾರಿಗಳು ಮತ್ತು ಗ್ರಾಮ ಪಂಚಾಯಿತಿ ಸದಸ್ಯರು ಈ ಸಂದರ್ಭದಲ್ಲಿ ಉಪಸ್ಥಿತರಿದ್ದರು. ಬಿ.ಎಂ. ಮೂರ್ತಿ, ಕುಮಾರ್, ಶ್ರೀನಿವಾಸ, ರಾಜಪ್ಪ ಸೇರಿದಂತೆ ಹಲವು ಮುಖಂಡರು ಭಾಗವಹಿಸಿದ್ದರು. ಗ್ರಾಮಸ್ಥರು ಸಿಹಿ ಹಂಚಿ ಸಂಭ್ರಮಿಸಿದರು.

ತಾಲೂಕಿನ ಹಲವು ಗ್ರಾಮಗಳಲ್ಲಿ 3.50 ಕೋಟಿ ರೂ. ವೆಚ್ಚದ ರಸ್ತೆ ಅಭಿವೃದ್ಧಿ ಕಾಮಗಾರಿಗಳಿಗೆ ಚಾಲನೆ ನೀಡಲಾಯಿತು. ಕುಡಿಯುವ ನೀರಿನ ಯೋಜನೆಗೆ 4.85 ಕೋಟಿ ರೂ. ಮಂಜೂರಾಗಿದೆ. ಸಮುದಾಯ ಭವನ ನಿರ್ಮಾಣಕ್ಕೂ ಅನುದಾನ ಒದಗಿಸಲಾಗಿದೆ ಎಂದು ಹೇಳಿದರು.

ಮುಂದಿನ 5 ಕೋಟಿ ರೂ. ವೆಚ್ಚದಲ್ಲಿ ಮುಂದುವರೆಯುವ ಕಾಮಗಾರಿಗಳನ್ನು ಸಕಾಲದಲ್ಲಿ ಮುಗಿಸಬೇಕು. ಗುಣಮಟ್ಟದಲ್ಲಿ ರಾಜಿ ಇಲ್ಲ ಎಂದು ಅಧಿಕಾರಿಗಳಿಗೆ ಸೂಚನೆ ನೀಡಿದರು. ಕಾರ್ಯಕ್ರಮದಲ್ಲಿ ಗ್ರಾಮ ಪಂಚಾಯಿತಿ ಅಧ್ಯಕ್ಷರು, ಸದಸ್ಯರು, ಮುಖಂಡರು ಹಾಗೂ ಸಾರ್ವಜನಿಕರು ಭಾಗವಹಿಸಿದ್ದರು.

ಪ್ರತಿನಿಧಿ ಚಿತ್ರ
ಹನೂರು ಮಾದರಿ ಪಟ್ಟಣವಾಗಲು ಸಹಕಾರ ನೀಡಿ
ಅಧಿಕಾರಿಗಳಿಗೆ ಶಾಸಕ ಎಂ.ಆರ್.ಮಂಜುನಾಥ್ ಮನವಿ | ಪಪಂ ಬಜೆಟ್ ಪೂರ್ವಭಾವಿ ಸಭೆ
ಪ್ರತಿನಿಧಿ ವರದಿ

ಪಟ್ಟಣವನ್ನು ಮಾದರಿ ಪಟ್ಟಣವನ್ನಾಗಿ ಮಾಡಲು ವಿಶೇಷ ಕಾಳಜಿ ಮೂಡಿಸಿದ್ದೇವೆ. ಇದಕ್ಕೆ ಪೂರಕವಾಗಿ ಅಧಿಕಾರಿಗಳು ಅತ್ಯುತ್ತಮ ಎಂದು ಶಾಸಕ ಎಂ.ಆರ್.ಮಂಜುನಾಥ್ ಹೇಳಿದರು.

ಪಟ್ಟಣ ಪಂಚಾಯಿತಿ ಕಚೇರಿ ಸಭಾಂಗಣದಲ್ಲಿ ಬಜೆಟ್ ಪೂರ್ವಭಾವಿ ಸಭೆಯಲ್ಲಿ ಅಧ್ಯಕ್ಷತೆ ವಹಿಸಿ ಮಾತನಾಡಿದ ಅವರು, ಸ್ವಚ್ಛತೆ, ಕುಡಿಯುವ ನೀರು, ಬೀದಿದೀಪ, ಚರಂಡಿ ಹಾಗೂ ರಸ್ತೆಗಳ ನಿರ್ವಹಣೆಗೆ ಆದ್ಯತೆ ನೀಡಬೇಕು ಎಂದು ಸೂಚಿಸಿದರು.

ತೆರಿಗೆ ಸಂಗ್ರಹಣೆ ಗುರಿ ಮುಟ್ಟಬೇಕು. ನಾಗರಿಕರ ಸಮಸ್ಯೆಗಳಿಗೆ ತ್ವರಿತ ಸ್ಪಂದನೆ ನೀಡಬೇಕು ಎಂದು ಹೇಳಿದರು.

ಪ್ರತಿನಿಧಿ ಚಿತ್ರ

ಪಟ್ಟಣದ ವ್ಯಾಪ್ತಿಯಲ್ಲಿ ಈಗ ಸುಮಾರು ಇಲ್ಲ ಯೋಜನೆಗಳನ್ನು ಅಭಿವೃದ್ಧಿ ಕಾಮಗಾರಿಗಳಿಗೆ ಅನುದಾನ ಬಳಕೆಯಾಗಬೇಕು. ಪ್ರತಿಯೊಬ್ಬರ ಭಾಗವಹಿಸುವಿಕೆಯಿಂದ ಮಾತ್ರ ಪಟ್ಟಣ ಸುಂದರವಾಗಿ ಬೆಳೆಯಲು ಸಾಧ್ಯ ಎಂದರು.

ಸಭೆಯಲ್ಲಿ ಪಪಂ ಅಧ್ಯಕ್ಷರು, ಉಪಾಧ್ಯಕ್ಷರು, ಮುಖ್ಯಾಧಿಕಾರಿ, ಸದಸ್ಯರು ಹಾಗೂ ವಿವಿಧ ಇಲಾಖೆಗಳ ಅಧಿಕಾರಿಗಳು ಉಪಸ್ಥಿತರಿದ್ದರು.

ಈ ವೇಳೆ ಸದಸ್ಯರು ತಮ್ಮ ವಾರ್ಡ್‌ಗಳ ಸಮಸ್ಯೆಗಳನ್ನು ಸಭೆಯ ಗಮನಕ್ಕೆ ತಂದರು. ಒಳಚರಂಡಿ ವ್ಯವಸ್ಥೆ, ಕಸ ವಿಲೇವಾರಿ ಮತ್ತು ಬೀದಿದೀಪಗಳ ದುರಸ್ತಿಗೆ ಆದ್ಯತೆ ನೀಡುವಂತೆ ಮನವಿ ಮಾಡಿದರು. ಎಲ್ಲಾ ಸಮಸ್ಯೆಗಳನ್ನು ಹಂತ ಹಂತವಾಗಿ ಬಗೆಹರಿಸಲಾಗುವುದು ಎಂದು ಶಾಸಕರು ಭರವಸೆ ನೀಡಿದರು.

ಪ್ರಸ್ತುತ ಸಾಲಿನ ಬಜೆಟ್ ಪಪಂ ಪಕ್ಕದಾರ ಕ್ಕೆ ಒಟ್ಟಾರೆ ನಿರ್ವಹಣೆ 5 ಲಕ್ಷ ಆದಾಯ. ಗುರಿಯನ್ನು ಇಲಾಖೆಗೆ, ಕೊರತೆ ಸಾಲಿನಲ್ಲಿ ಬಜೆಟ್ ನಿರ್ವಹಣೆ ಒಟ್ಟು ಹಣ ಸುಮಾರು 10,000 ರೂ. ವರೆಗೆ ನಿಗದಿ ಮಾಡಲಾಗಿದೆ.
– ಮಹಾದೇವಪ್ಪ, ಕಾರ್ಯನಿರ್ವಹಣಾಧಿಕಾರಿ, ಪಟ್ಟಣ ಪಂಚಾಯಿತಿ
ಶಾರ್ಟ್ ಸರ್ಕ್ಯೂಟ್‌ನಿಂದ ಬೆಂಕಿ ಅವಘಡ
ಪ್ರತಿನಿಧಿ ವರದಿ

ಶಾರ್ಟ್ ಸರ್ಕ್ಯೂಟ್‌ನಿಂದ ನಗರದ ಕಾಲೇಜು ಕಟ್ಟಡದಲ್ಲಿ ಬೆಂಕಿ ಕಾಣಿಸಿಕೊಂಡ ಘಟನೆ ನಡೆದಿದೆ. ಅಗ್ನಿಶಾಮಕ ಸಿಬ್ಬಂದಿ ಸ್ಥಳಕ್ಕೆ ಆಗಮಿಸಿ ಬೆಂಕಿಯನ್ನು ನಂದಿಸಿದರು. ಯಾವುದೇ ಪ್ರಾಣಹಾನಿ ಸಂಭವಿಸಿಲ್ಲ. ಆದರೆ ಪೀಠೋಪಕರಣ ಮತ್ತು ದಾಖಲೆಗಳು ಸುಟ್ಟು ಹೋಗಿವೆ.

ಚೈತ್ರ, ಮುಖ್ಯಮಂತ್ರಿ ರೀಮಾ, ಇಲಾಖೆ ಮುಖಂಡ ಪ್ರತಿ ಸುಮಾರಿಗೆ ಅಗ್ನಿಶಾಮಕ ದಳದ ಸಿಬ್ಬಂದಿ ಸ್ಥಳಕ್ಕೆ ಧಾವಿಸಿ ಕಾರ್ಯಾಚರಣೆ ನಡೆಸಿದರು. ವಿದ್ಯುತ್ ಸಂಪರ್ಕ ಕಡಿತಗೊಳಿಸಿ ಬೆಂಕಿ ನಂದಿಸಲಾಯಿತು. ಘಟನೆ ಬಗ್ಗೆ ಪೊಲೀಸರು ಪ್ರಕರಣ ದಾಖಲಿಸಿಕೊಂಡು ತನಿಖೆ ನಡೆಸುತ್ತಿದ್ದಾರೆ.
